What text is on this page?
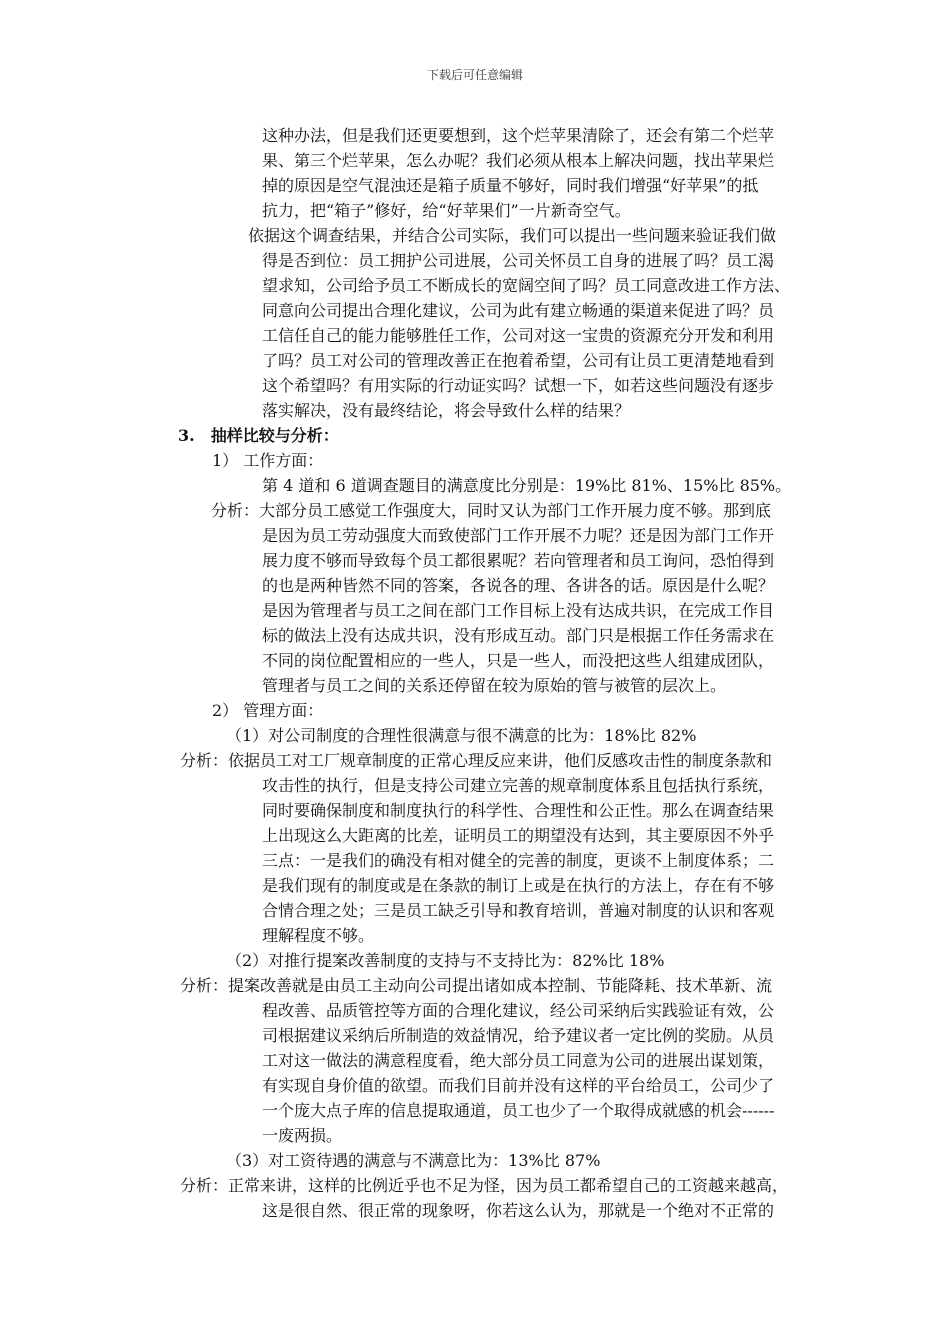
下载后可任意编辑
这种办法，但是我们还更要想到，这个烂苹果清除了，还会有第二个烂苹
果、第三个烂苹果，怎么办呢？我们必须从根本上解决问题，找出苹果烂
掉的原因是空气混浊还是箱子质量不够好，同时我们增强“好苹果”的抵
抗力，把“箱子”修好，给“好苹果们”一片新奇空气。
依据这个调查结果，并结合公司实际，我们可以提出一些问题来验证我们做
得是否到位：员工拥护公司进展，公司关怀员工自身的进展了吗？员工渴
望求知，公司给予员工不断成长的宽阔空间了吗？员工同意改进工作方法、
同意向公司提出合理化建议，公司为此有建立畅通的渠道来促进了吗？员
工信任自己的能力能够胜任工作，公司对这一宝贵的资源充分开发和利用
了吗？员工对公司的管理改善正在抱着希望，公司有让员工更清楚地看到
这个希望吗？有用实际的行动证实吗？试想一下，如若这些问题没有逐步
落实解决，没有最终结论，将会导致什么样的结果？
3.　抽样比较与分析：
1） 工作方面：
第 4 道和 6 道调查题目的满意度比分别是：19%比 81%、15%比 85%。
分析：大部分员工感觉工作强度大，同时又认为部门工作开展力度不够。那到底
是因为员工劳动强度大而致使部门工作开展不力呢？还是因为部门工作开
展力度不够而导致每个员工都很累呢？若向管理者和员工询问，恐怕得到
的也是两种皆然不同的答案，各说各的理、各讲各的话。原因是什么呢？
是因为管理者与员工之间在部门工作目标上没有达成共识，在完成工作目
标的做法上没有达成共识，没有形成互动。部门只是根据工作任务需求在
不同的岗位配置相应的一些人，只是一些人，而没把这些人组建成团队，
管理者与员工之间的关系还停留在较为原始的管与被管的层次上。
2） 管理方面：
（1）对公司制度的合理性很满意与很不满意的比为：18%比 82%
分析：依据员工对工厂规章制度的正常心理反应来讲，他们反感攻击性的制度条款和
攻击性的执行，但是支持公司建立完善的规章制度体系且包括执行系统，
同时要确保制度和制度执行的科学性、合理性和公正性。那么在调查结果
上出现这么大距离的比差，证明员工的期望没有达到，其主要原因不外乎
三点：一是我们的确没有相对健全的完善的制度，更谈不上制度体系；二
是我们现有的制度或是在条款的制订上或是在执行的方法上，存在有不够
合情合理之处；三是员工缺乏引导和教育培训，普遍对制度的认识和客观
理解程度不够。
（2）对推行提案改善制度的支持与不支持比为：82%比 18%
分析：提案改善就是由员工主动向公司提出诸如成本控制、节能降耗、技术革新、流
程改善、品质管控等方面的合理化建议，经公司采纳后实践验证有效，公
司根据建议采纳后所制造的效益情况，给予建议者一定比例的奖励。从员
工对这一做法的满意程度看，绝大部分员工同意为公司的进展出谋划策，
有实现自身价值的欲望。而我们目前并没有这样的平台给员工，公司少了
一个庞大点子库的信息提取通道，员工也少了一个取得成就感的机会------
一废两损。
（3）对工资待遇的满意与不满意比为：13%比 87%
分析：正常来讲，这样的比例近乎也不足为怪，因为员工都希望自己的工资越来越高，
这是很自然、很正常的现象呀，你若这么认为，那就是一个绝对不正常的
